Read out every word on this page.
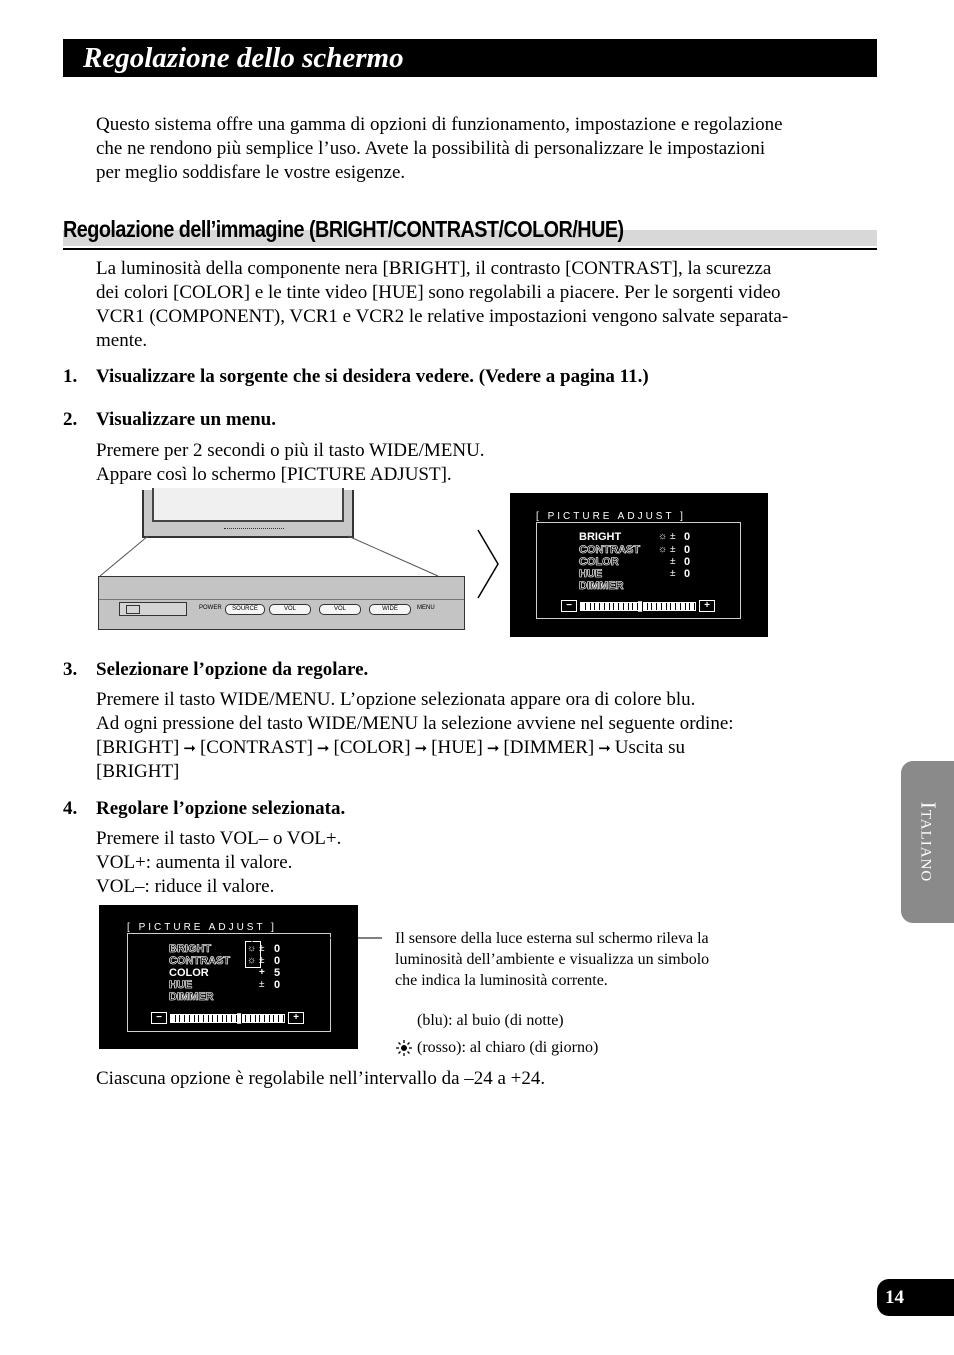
Regolazione dello schermo
Questo sistema offre una gamma di opzioni di funzionamento, impostazione e regolazione
che ne rendono più semplice l’uso. Avete la possibilità di personalizzare le impostazioni
per meglio soddisfare le vostre esigenze.
Regolazione dell’immagine (BRIGHT/CONTRAST/COLOR/HUE)
La luminosità della componente nera [BRIGHT], il contrasto [CONTRAST], la scurezza
dei colori [COLOR] e le tinte video [HUE] sono regolabili a piacere. Per le sorgenti video
VCR1 (COMPONENT), VCR1 e VCR2 le relative impostazioni vengono salvate separata-
mente.
1. Visualizzare la sorgente che si desidera vedere. (Vedere a pagina 11.)
2. Visualizzare un menu.
Premere per 2 secondi o più il tasto WIDE/MENU.
Appare così lo schermo [PICTURE ADJUST].
POWER	SOURCE	VOL	VOL	WIDE	MENU
[ PICTURE ADJUST ]
BRIGHT
CONTRAST
COLOR
HUE
DIMMER
☼
☼
±
±
±
±
0
0
0
0
−	+
3. Selezionare l’opzione da regolare.
Premere il tasto WIDE/MENU. L’opzione selezionata appare ora di colore blu.
Ad ogni pressione del tasto WIDE/MENU la selezione avviene nel seguente ordine:
[BRIGHT] ➞ [CONTRAST] ➞ [COLOR] ➞ [HUE] ➞ [DIMMER] ➞ Uscita su
[BRIGHT]
4. Regolare l’opzione selezionata.
Premere il tasto VOL– o VOL+.
VOL+: aumenta il valore.
VOL–: riduce il valore.
[ PICTURE ADJUST ]
BRIGHT
CONTRAST
COLOR
HUE
DIMMER
☼
☼
±
±
+
±
0
0
5
0
−	+
Il sensore della luce esterna sul schermo rileva la
luminosità dell’ambiente e visualizza un simbolo
che indica la luminosità corrente.
(blu): al buio (di notte)
(rosso): al chiaro (di giorno)
Ciascuna opzione è regolabile nell’intervallo da –24 a +24.
Italiano
14
